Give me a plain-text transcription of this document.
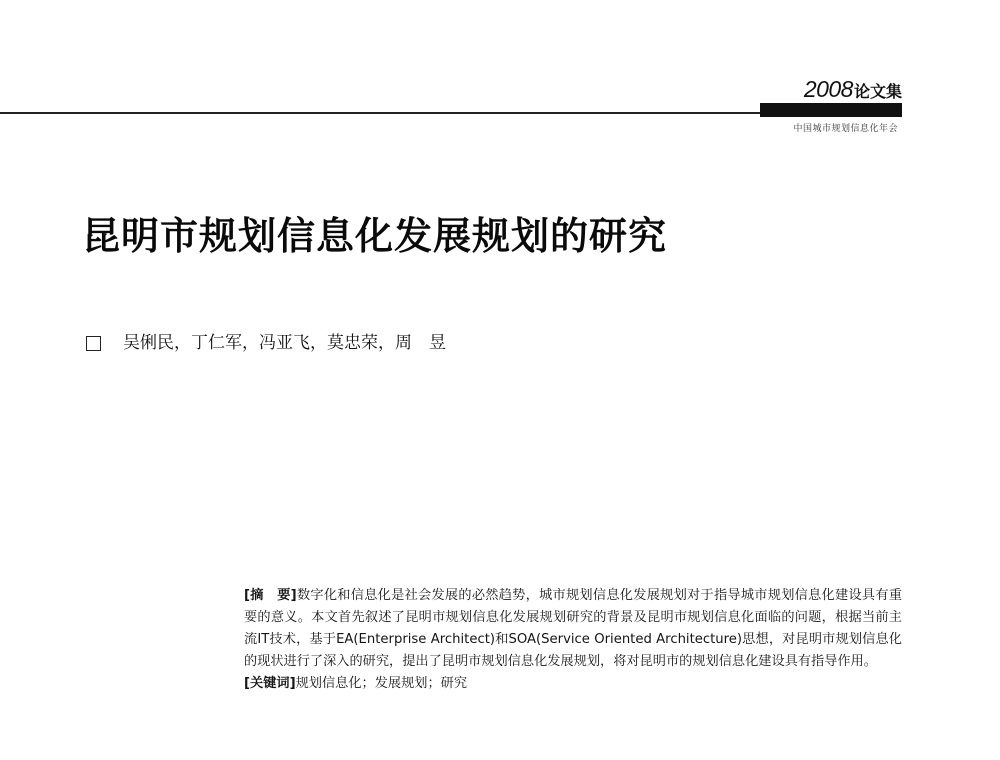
2008论文集
中国城市规划信息化年会
昆明市规划信息化发展规划的研究
吴俐民，丁仁军，冯亚飞，莫忠荣，周　昱
[摘　要]数字化和信息化是社会发展的必然趋势，城市规划信息化发展规划对于指导城市规划信息化建设具有重要的意义。本文首先叙述了昆明市规划信息化发展规划研究的背景及昆明市规划信息化面临的问题，根据当前主流IT技术，基于EA(Enterprise Architect)和SOA(Service Oriented Architecture)思想，对昆明市规划信息化的现状进行了深入的研究，提出了昆明市规划信息化发展规划，将对昆明市的规划信息化建设具有指导作用。
[关键词]规划信息化；发展规划；研究
